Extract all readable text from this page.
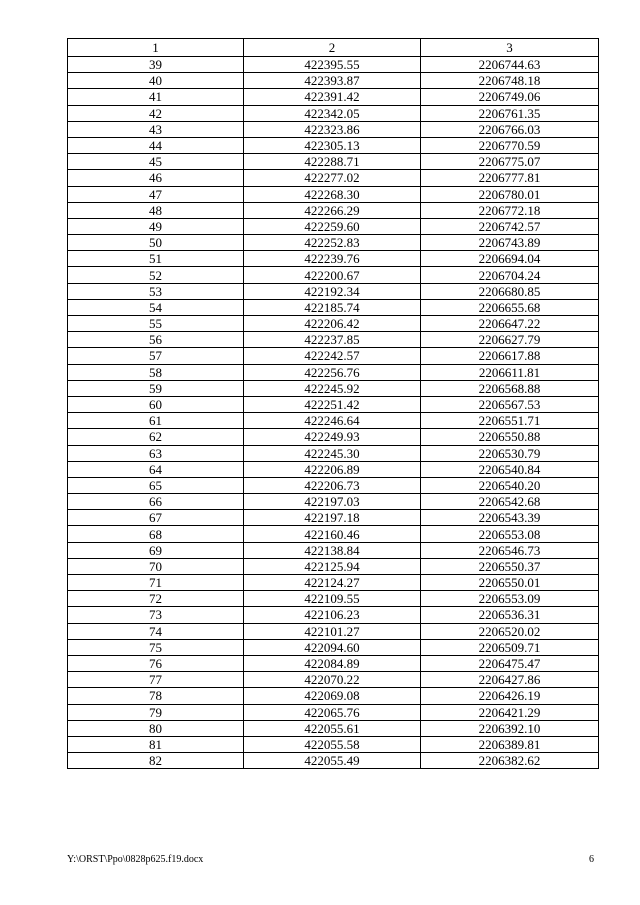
1	2	3
39	422395.55	2206744.63
40	422393.87	2206748.18
41	422391.42	2206749.06
42	422342.05	2206761.35
43	422323.86	2206766.03
44	422305.13	2206770.59
45	422288.71	2206775.07
46	422277.02	2206777.81
47	422268.30	2206780.01
48	422266.29	2206772.18
49	422259.60	2206742.57
50	422252.83	2206743.89
51	422239.76	2206694.04
52	422200.67	2206704.24
53	422192.34	2206680.85
54	422185.74	2206655.68
55	422206.42	2206647.22
56	422237.85	2206627.79
57	422242.57	2206617.88
58	422256.76	2206611.81
59	422245.92	2206568.88
60	422251.42	2206567.53
61	422246.64	2206551.71
62	422249.93	2206550.88
63	422245.30	2206530.79
64	422206.89	2206540.84
65	422206.73	2206540.20
66	422197.03	2206542.68
67	422197.18	2206543.39
68	422160.46	2206553.08
69	422138.84	2206546.73
70	422125.94	2206550.37
71	422124.27	2206550.01
72	422109.55	2206553.09
73	422106.23	2206536.31
74	422101.27	2206520.02
75	422094.60	2206509.71
76	422084.89	2206475.47
77	422070.22	2206427.86
78	422069.08	2206426.19
79	422065.76	2206421.29
80	422055.61	2206392.10
81	422055.58	2206389.81
82	422055.49	2206382.62
Y:\ORST\Ppo\0828p625.f19.docx	6
